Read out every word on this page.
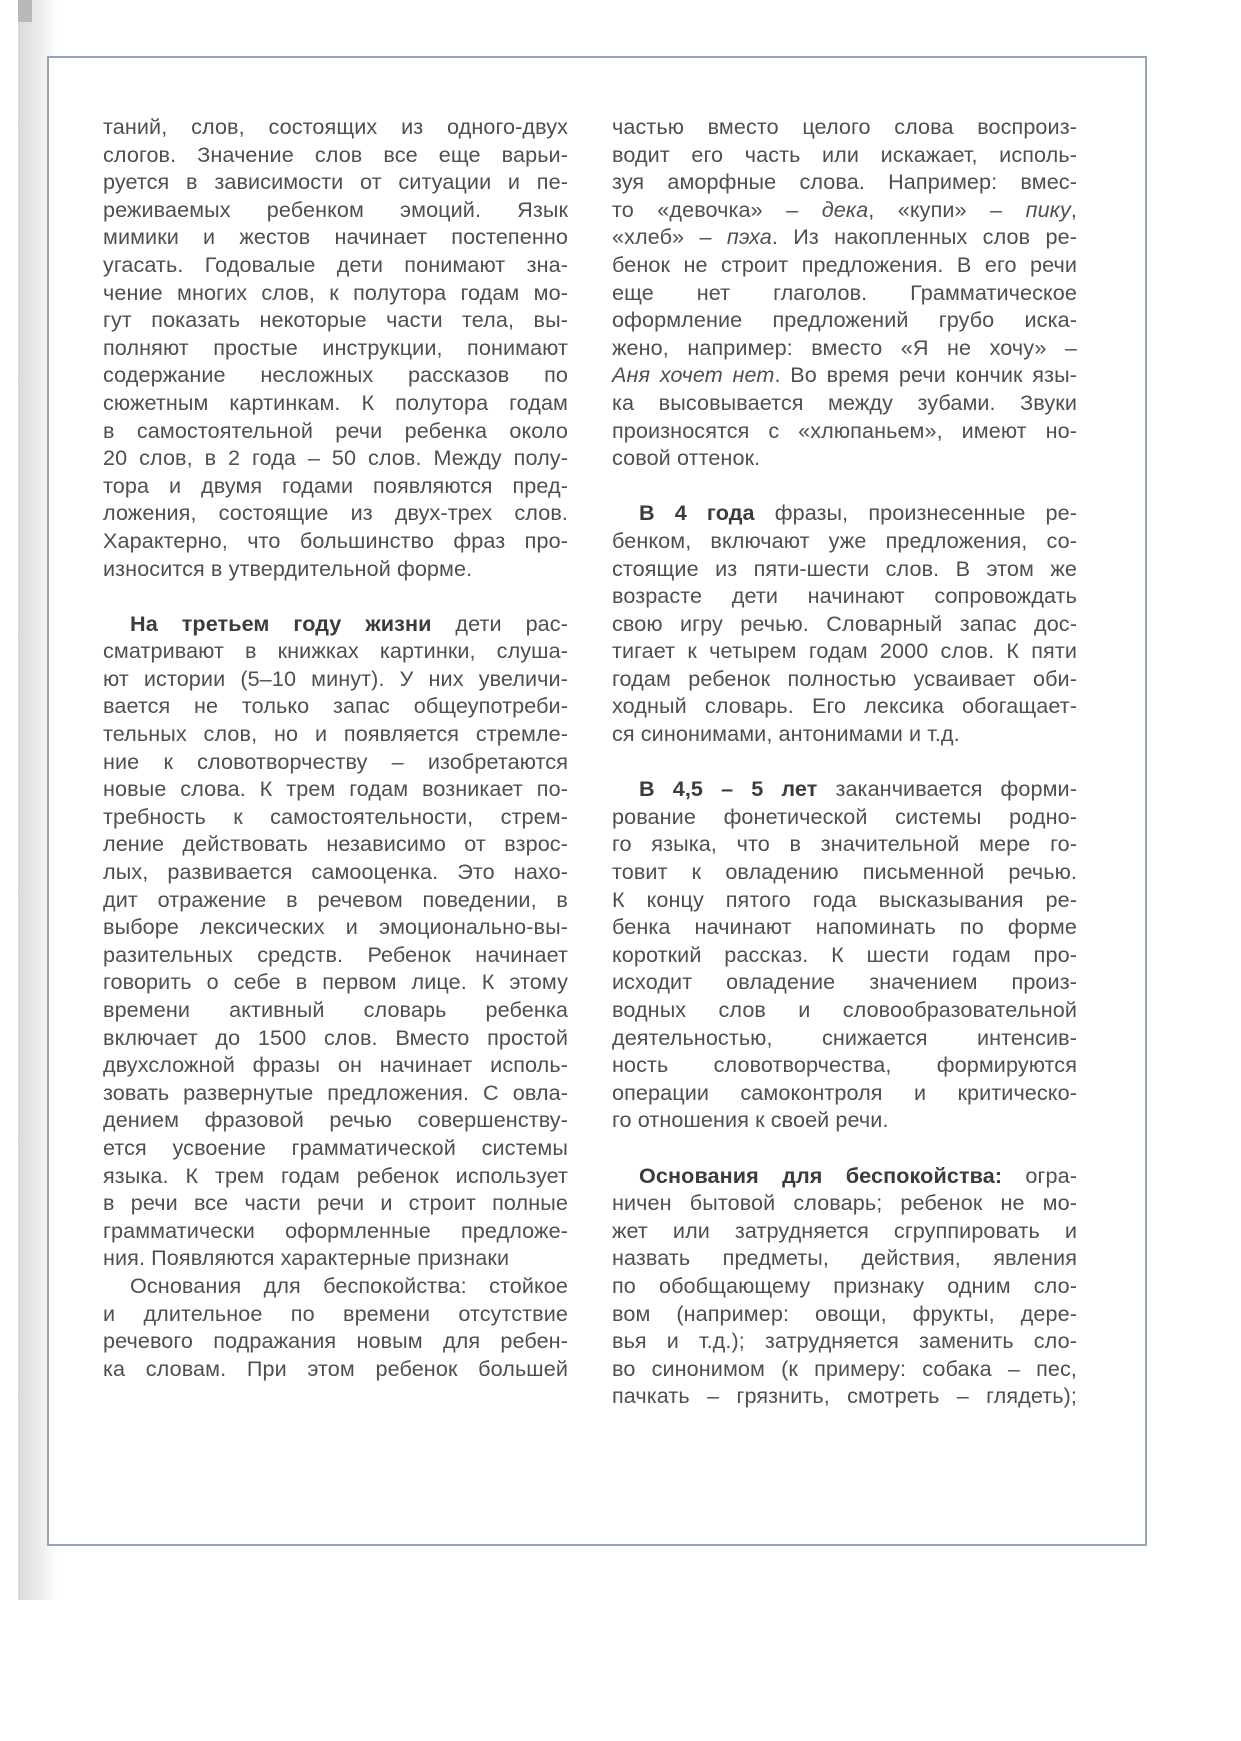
таний, слов, состоящих из одного-двух
слогов. Значение слов все еще варьи-
руется в зависимости от ситуации и пе-
реживаемых ребенком эмоций. Язык
мимики и жестов начинает постепенно
угасать. Годовалые дети понимают зна-
чение многих слов, к полутора годам мо-
гут показать некоторые части тела, вы-
полняют простые инструкции, понимают
содержание несложных рассказов по
сюжетным картинкам. К полутора годам
в самостоятельной речи ребенка около
20 слов, в 2 года – 50 слов. Между полу-
тора и двумя годами появляются пред-
ложения, состоящие из двух-трех слов.
Характерно, что большинство фраз про-
износится в утвердительной форме.

На третьем году жизни дети рас-
сматривают в книжках картинки, слуша-
ют истории (5–10 минут). У них увеличи-
вается не только запас общеупотреби-
тельных слов, но и появляется стремле-
ние к словотворчеству – изобретаются
новые слова. К трем годам возникает по-
требность к самостоятельности, стрем-
ление действовать независимо от взрос-
лых, развивается самооценка. Это нахо-
дит отражение в речевом поведении, в
выборе лексических и эмоционально-вы-
разительных средств. Ребенок начинает
говорить о себе в первом лице. К этому
времени активный словарь ребенка
включает до 1500 слов. Вместо простой
двухсложной фразы он начинает исполь-
зовать развернутые предложения. С овла-
дением фразовой речью совершенству-
ется усвоение грамматической системы
языка. К трем годам ребенок использует
в речи все части речи и строит полные
грамматически оформленные предложе-
ния. Появляются характерные признаки

Основания для беспокойства: стойкое
и длительное по времени отсутствие
речевого подражания новым для ребен-
ка словам. При этом ребенок большей

частью вместо целого слова воспроиз-
водит его часть или искажает, исполь-
зуя аморфные слова. Например: вмес-
то «девочка» – дека, «купи» – пику,
«хлеб» – пэха. Из накопленных слов ре-
бенок не строит предложения. В его речи
еще нет глаголов. Грамматическое
оформление предложений грубо иска-
жено, например: вместо «Я не хочу» –
Аня хочет нет. Во время речи кончик язы-
ка высовывается между зубами. Звуки
произносятся с «хлюпаньем», имеют но-
совой оттенок.

В 4 года фразы, произнесенные ре-
бенком, включают уже предложения, со-
стоящие из пяти-шести слов. В этом же
возрасте дети начинают сопровождать
свою игру речью. Словарный запас дос-
тигает к четырем годам 2000 слов. К пяти
годам ребенок полностью усваивает оби-
ходный словарь. Его лексика обогащает-
ся синонимами, антонимами и т.д.

В 4,5 – 5 лет заканчивается форми-
рование фонетической системы родно-
го языка, что в значительной мере го-
товит к овладению письменной речью.
К концу пятого года высказывания ре-
бенка начинают напоминать по форме
короткий рассказ. К шести годам про-
исходит овладение значением произ-
водных слов и словообразовательной
деятельностью, снижается интенсив-
ность словотворчества, формируются
операции самоконтроля и критическо-
го отношения к своей речи.

Основания для беспокойства: огра-
ничен бытовой словарь; ребенок не мо-
жет или затрудняется сгруппировать и
назвать предметы, действия, явления
по обобщающему признаку одним сло-
вом (например: овощи, фрукты, дере-
вья и т.д.); затрудняется заменить сло-
во синонимом (к примеру: собака – пес,
пачкать – грязнить, смотреть – глядеть);
